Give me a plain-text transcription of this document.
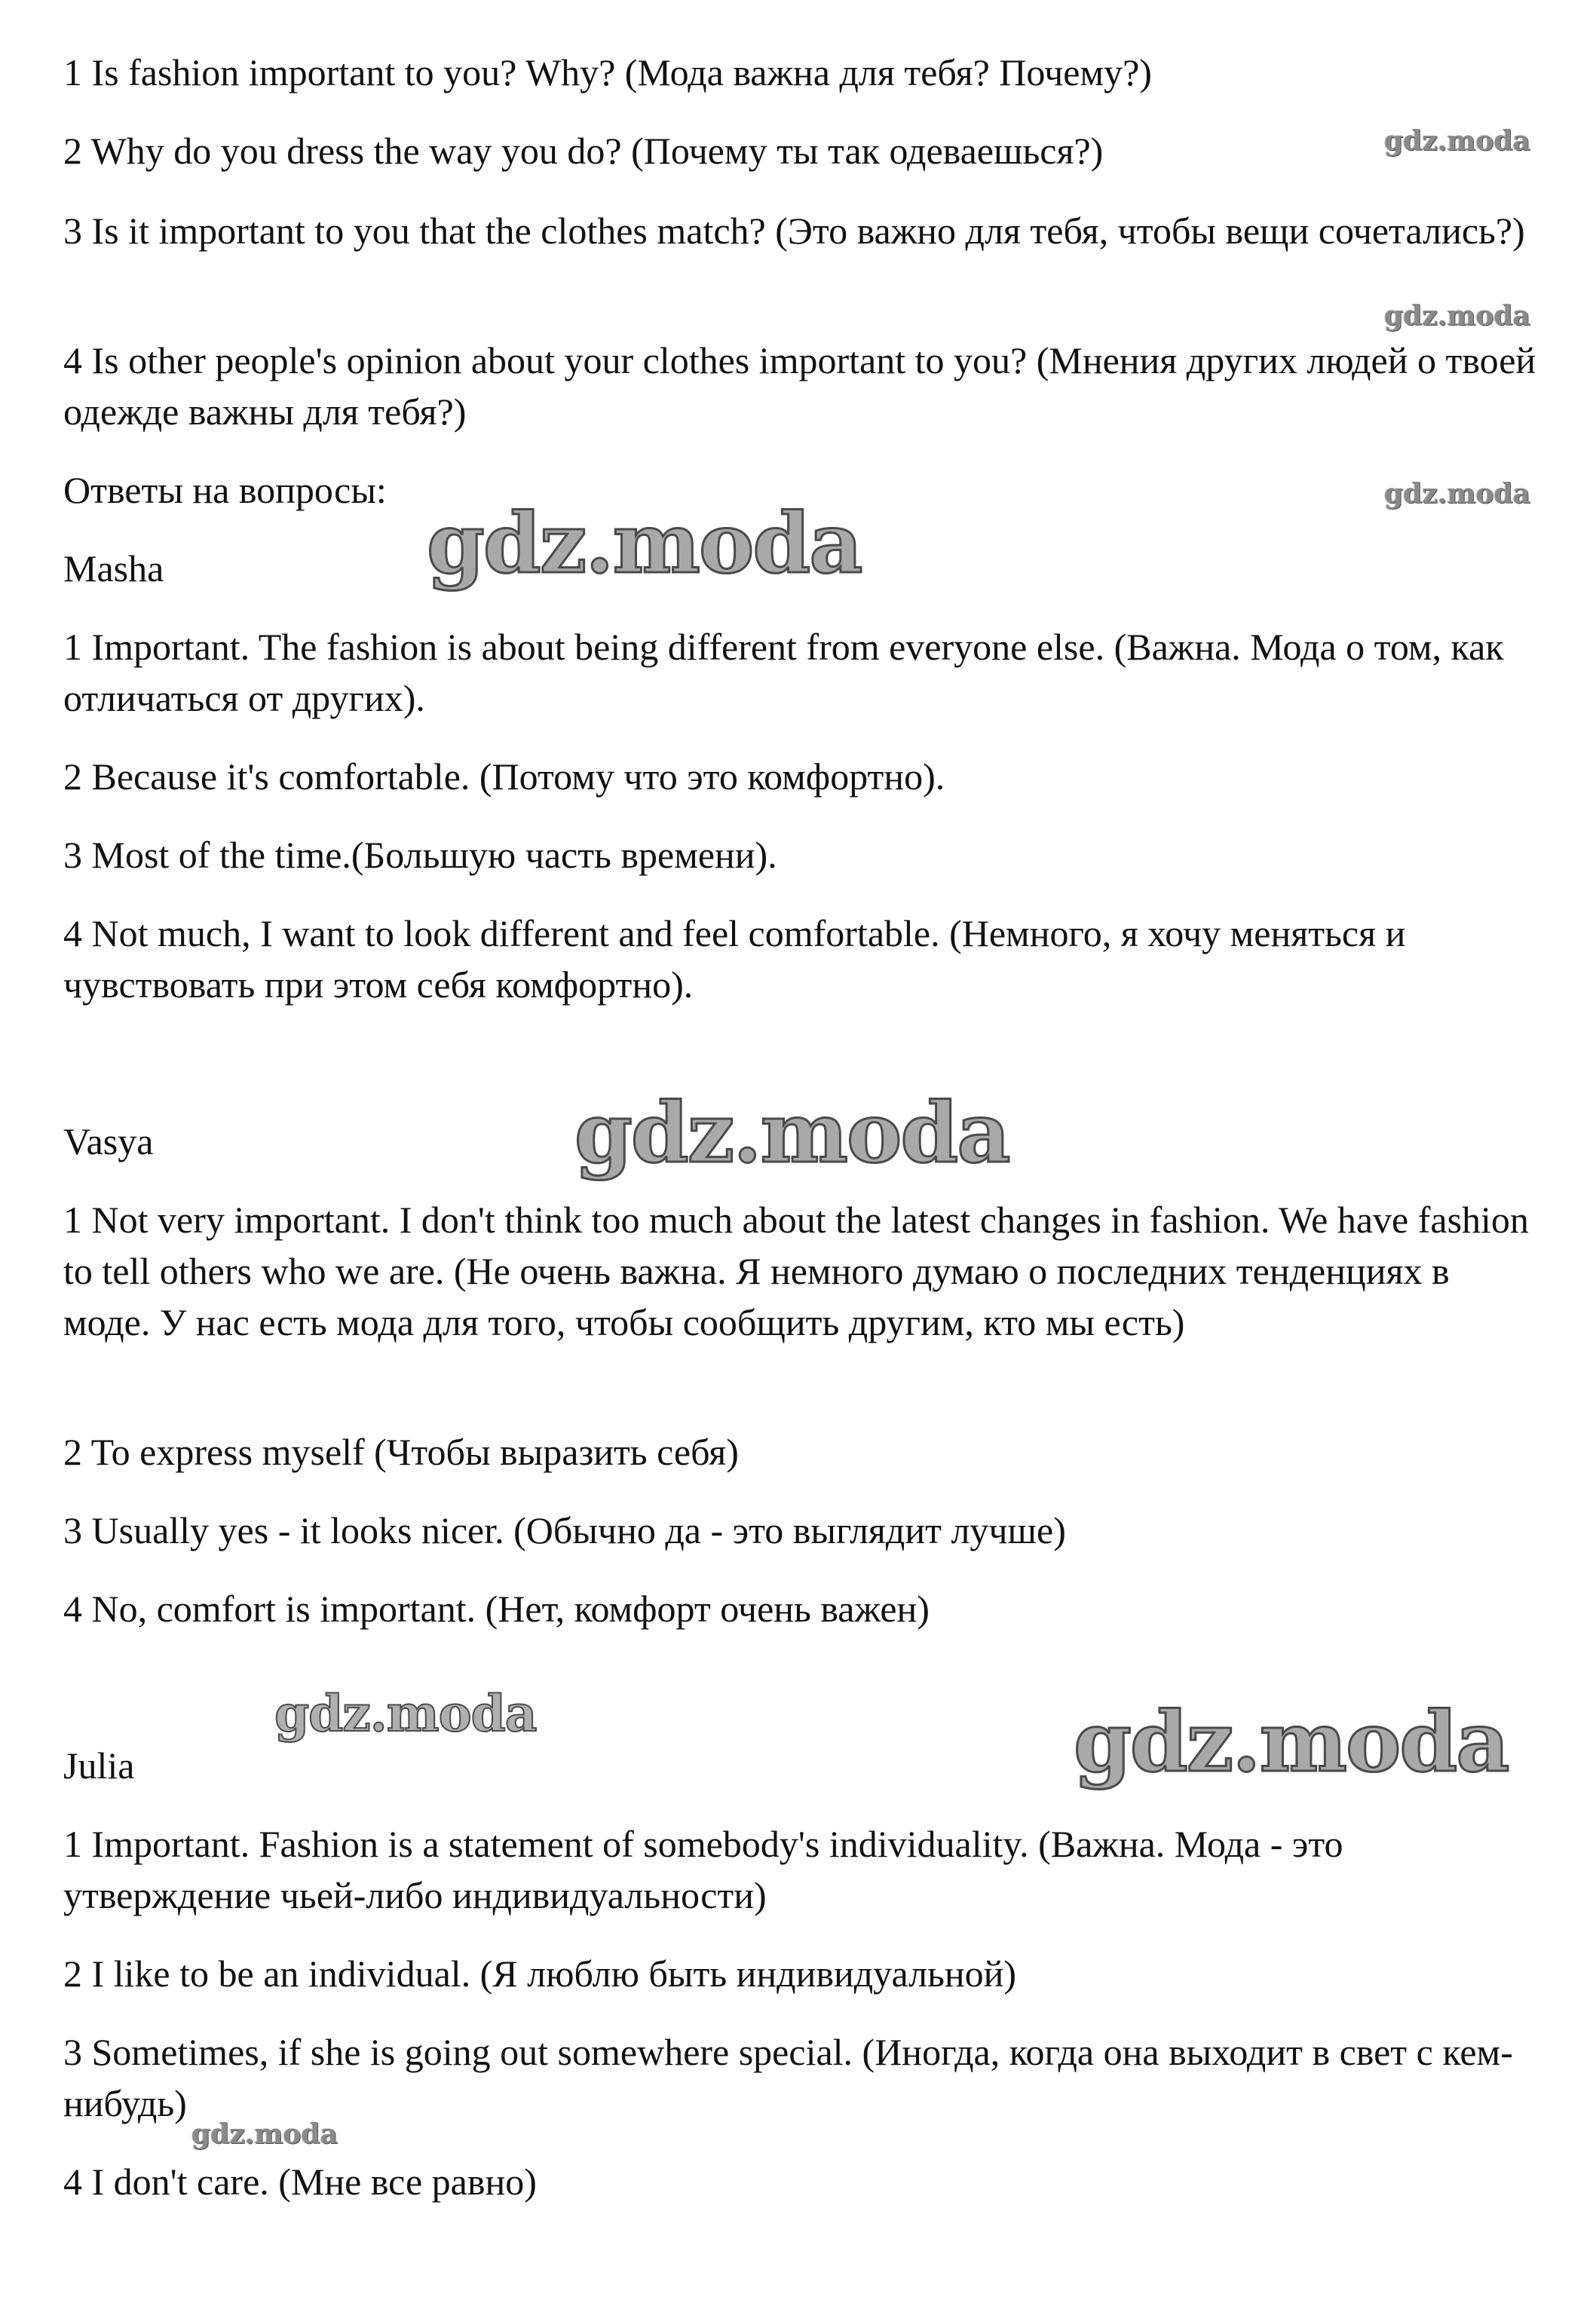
1 Is fashion important to you? Why? (Мода важна для тебя? Почему?)

2 Why do you dress the way you do? (Почему ты так одеваешься?)

3 Is it important to you that the clothes match? (Это важно для тебя, чтобы вещи сочетались?)

4 Is other people's opinion about your clothes important to you? (Мнения других людей о твоей одежде важны для тебя?)

Ответы на вопросы:

Masha

1 Important. The fashion is about being different from everyone else. (Важна. Мода о том, как отличаться от других).

2 Because it's comfortable. (Потому что это комфортно).

3 Most of the time.(Большую часть времени).

4 Not much, I want to look different and feel comfortable. (Немного, я хочу меняться и чувствовать при этом себя комфортно).

Vasya

1 Not very important. I don't think too much about the latest changes in fashion. We have fashion to tell others who we are. (Не очень важна. Я немного думаю о последних тенденциях в моде. У нас есть мода для того, чтобы сообщить другим, кто мы есть)

2 To express myself (Чтобы выразить себя)

3 Usually yes - it looks nicer. (Обычно да - это выглядит лучше)

4 No, comfort is important. (Нет, комфорт очень важен)

Julia

1 Important. Fashion is a statement of somebody's individuality. (Важна. Мода - это утверждение чьей-либо индивидуальности)

2 I like to be an individual. (Я люблю быть индивидуальной)

3 Sometimes, if she is going out somewhere special. (Иногда, когда она выходит в свет с кем-нибудь)

4 I don't care. (Мне все равно)

gdz.moda
gdz.moda
gdz.moda
gdz.moda
gdz.moda
gdz.moda	gdz.moda
gdz.moda
